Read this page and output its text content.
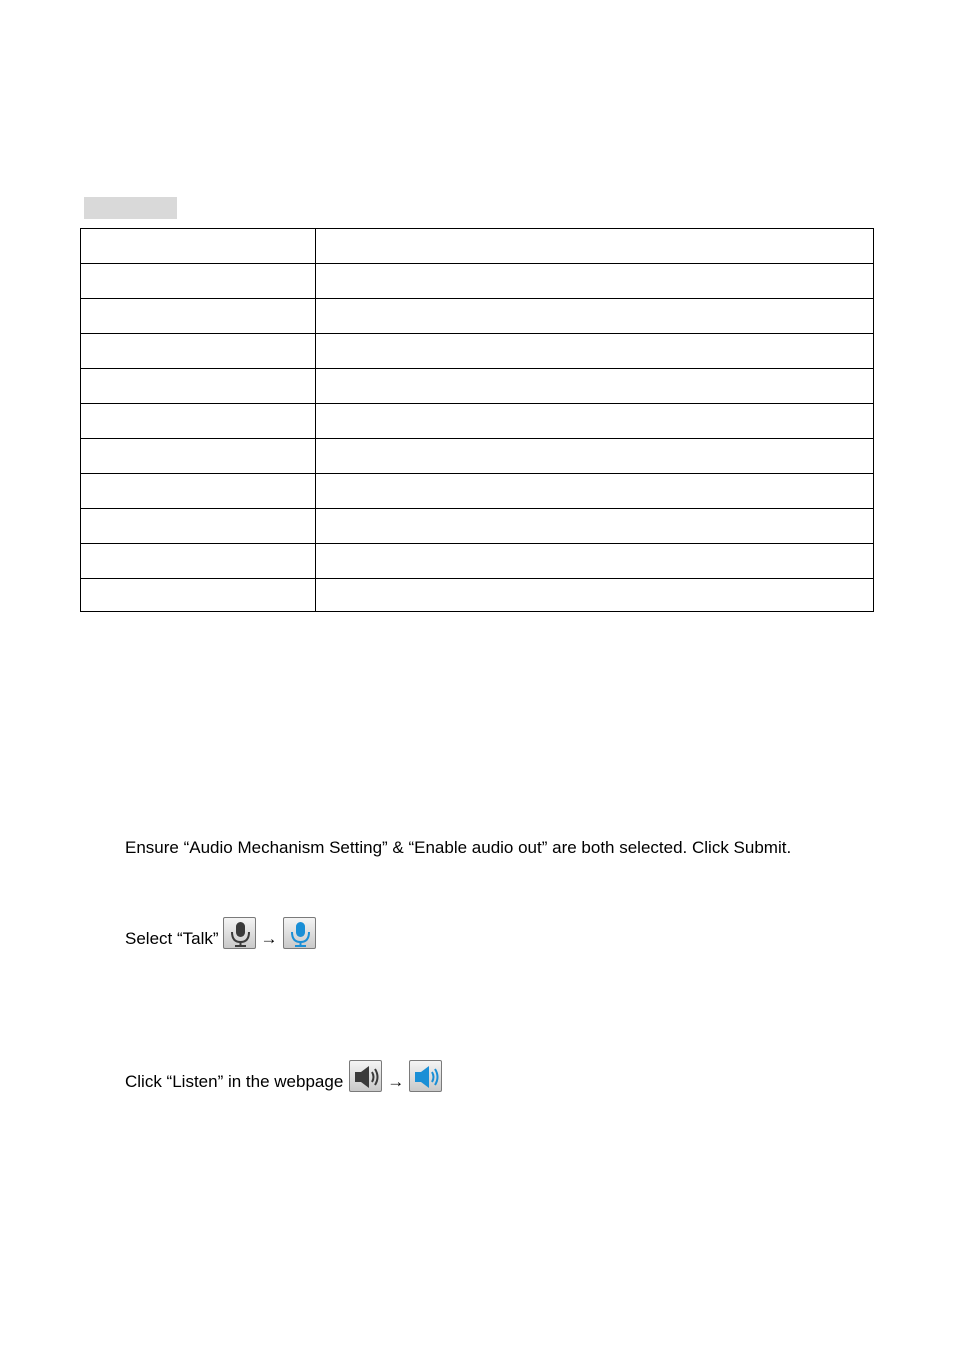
Ensure “Audio Mechanism Setting” & “Enable audio out” are both selected. Click Submit.
Select “Talk” →
Click “Listen” in the webpage	→
